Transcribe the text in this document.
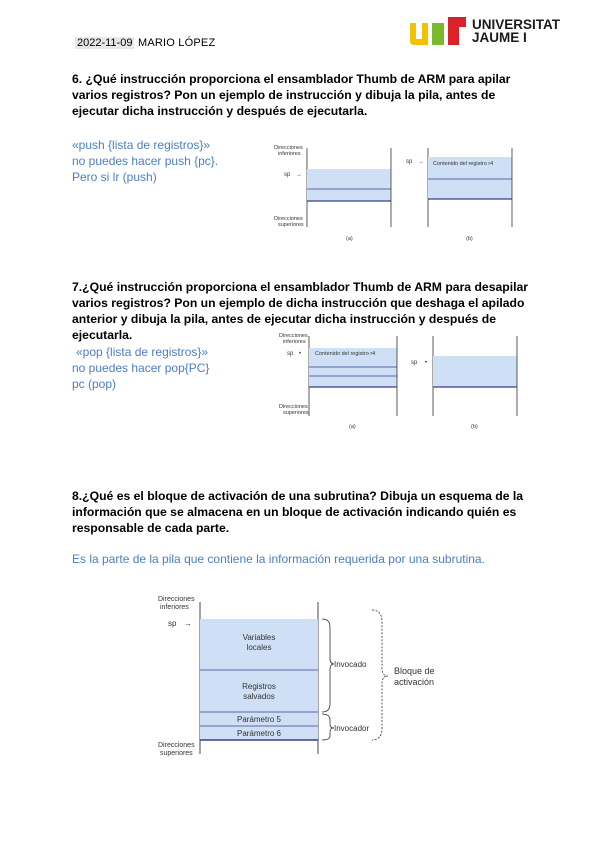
2022-11-09 MARIO LÓPEZ
UNIVERSITAT
JAUME I
6. ¿Qué instrucción proporciona el ensamblador Thumb de ARM para apilar
varios registros? Pon un ejemplo de instrucción y dibuja la pila, antes de
ejecutar dicha instrucción y después de ejecutarla.
«push {lista de registros}»
no puedes hacer push {pc}.
Pero si lr (push)
Direcciones
inferiores
sp →
Direcciones
superiores
(a)
sp → Contenido del registro r4
(b)
7.¿Qué instrucción proporciona el ensamblador Thumb de ARM para desapilar
varios registros? Pon un ejemplo de dicha instrucción que deshaga el apilado
anterior y dibuja la pila, antes de ejecutar dicha instrucción y después de
ejecutarla.
«pop {lista de registros}»
no puedes hacer pop{PC}
pc (pop)
Direcciones
inferiores
sp •
Direcciones
superiores
Contenido del registro r4
(a)
sp •
(b)
8.¿Qué es el bloque de activación de una subrutina? Dibuja un esquema de la
información que se almacena en un bloque de activación indicando quién es
responsable de cada parte.
Es la parte de la pila que contiene la información requerida por una subrutina.
Direcciones
inferiores
sp →
Direcciones
superiores
Variables
locales
Registros
salvados
Parámetro 5
Parámetro 6
Invocado
Invocador
Bloque de
activación
